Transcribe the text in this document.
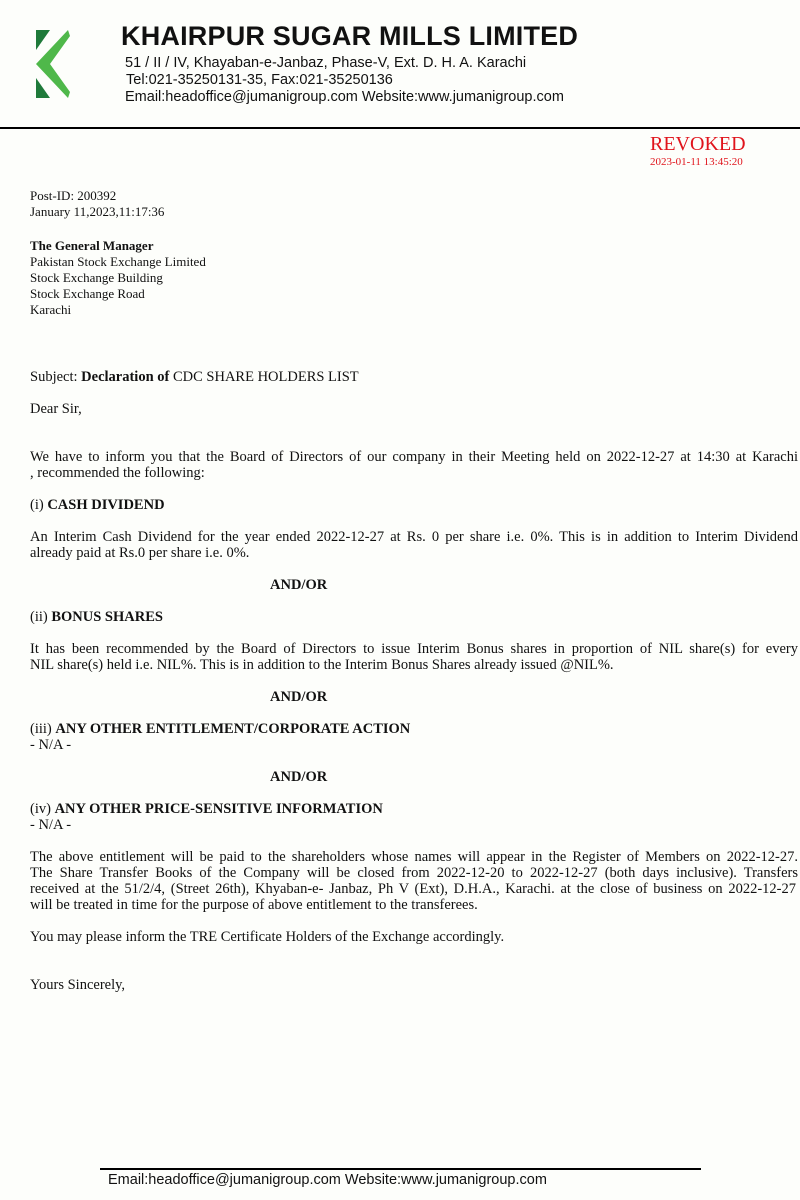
KHAIRPUR SUGAR MILLS LIMITED
51 / II / IV, Khayaban-e-Janbaz, Phase-V, Ext. D. H. A. Karachi
Tel:021-35250131-35, Fax:021-35250136
Email:headoffice@jumanigroup.com Website:www.jumanigroup.com
REVOKED
2023-01-11 13:45:20
Post-ID: 200392
January 11,2023,11:17:36
The General Manager
Pakistan Stock Exchange Limited
Stock Exchange Building
Stock Exchange Road
Karachi
Subject: Declaration of CDC SHARE HOLDERS LIST
Dear Sir,
We have to inform you that the Board of Directors of our company in their Meeting held on 2022-12-27 at 14:30 at Karachi
, recommended the following:
(i) CASH DIVIDEND
An Interim Cash Dividend for the year ended 2022-12-27 at Rs. 0 per share i.e. 0%. This is in addition to Interim Dividend
already paid at Rs.0 per share i.e. 0%.
AND/OR
(ii) BONUS SHARES
It has been recommended by the Board of Directors to issue Interim Bonus shares in proportion of NIL share(s) for every
NIL share(s) held i.e. NIL%. This is in addition to the Interim Bonus Shares already issued @NIL%.
AND/OR
(iii) ANY OTHER ENTITLEMENT/CORPORATE ACTION
- N/A -
AND/OR
(iv) ANY OTHER PRICE-SENSITIVE INFORMATION
- N/A -
The above entitlement will be paid to the shareholders whose names will appear in the Register of Members on 2022-12-27.
The Share Transfer Books of the Company will be closed from 2022-12-20 to 2022-12-27 (both days inclusive). Transfers
received at the 51/2/4, (Street 26th), Khyaban-e- Janbaz, Ph V (Ext), D.H.A., Karachi. at the close of business on 2022-12-27
will be treated in time for the purpose of above entitlement to the transferees.
You may please inform the TRE Certificate Holders of the Exchange accordingly.
Yours Sincerely,
Email:headoffice@jumanigroup.com Website:www.jumanigroup.com
